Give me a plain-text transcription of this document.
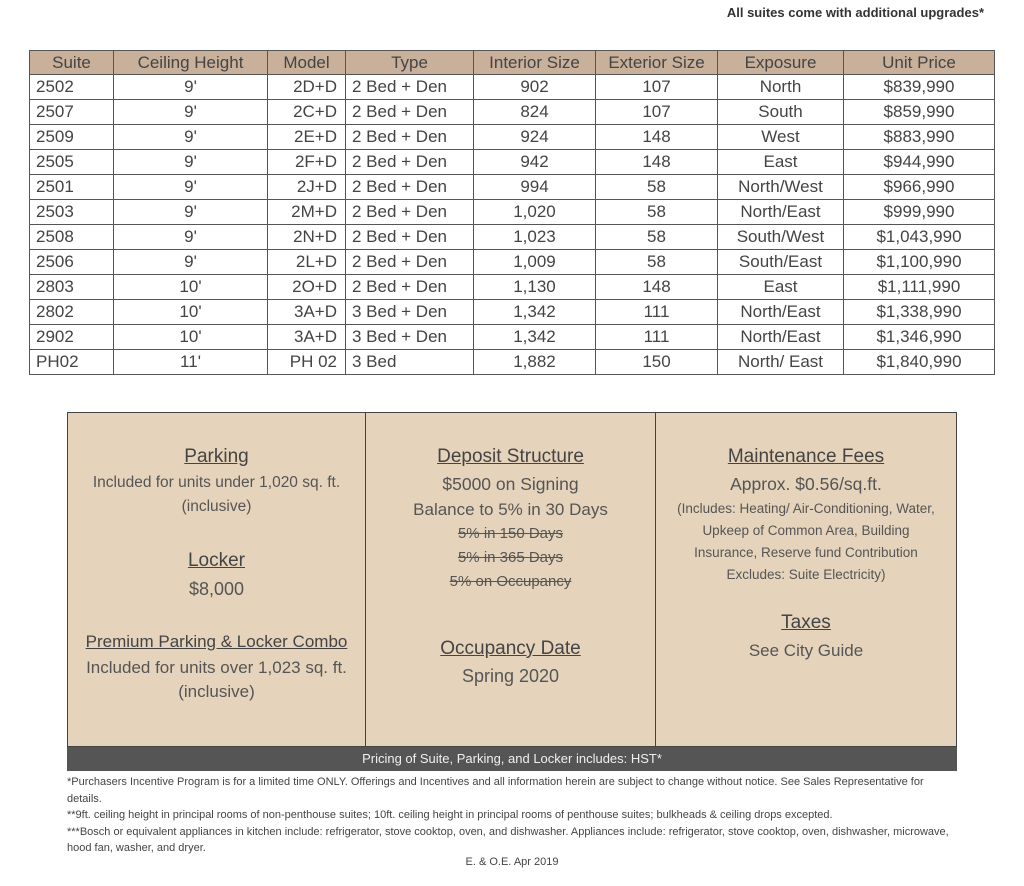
All suites come with additional upgrades*
Suite	Ceiling Height	Model	Type	Interior Size	Exterior Size	Exposure	Unit Price
2502	9'	2D+D	2 Bed + Den	902	107	North	$839,990
2507	9'	2C+D	2 Bed + Den	824	107	South	$859,990
2509	9'	2E+D	2 Bed + Den	924	148	West	$883,990
2505	9'	2F+D	2 Bed + Den	942	148	East	$944,990
2501	9'	2J+D	2 Bed + Den	994	58	North/West	$966,990
2503	9'	2M+D	2 Bed + Den	1,020	58	North/East	$999,990
2508	9'	2N+D	2 Bed + Den	1,023	58	South/West	$1,043,990
2506	9'	2L+D	2 Bed + Den	1,009	58	South/East	$1,100,990
2803	10'	2O+D	2 Bed + Den	1,130	148	East	$1,111,990
2802	10'	3A+D	3 Bed + Den	1,342	111	North/East	$1,338,990
2902	10'	3A+D	3 Bed + Den	1,342	111	North/East	$1,346,990
PH02	11'	PH 02	3 Bed	1,882	150	North/ East	$1,840,990
Parking
Included for units under 1,020 sq. ft.
(inclusive)
Locker
$8,000
Premium Parking & Locker Combo
Included for units over 1,023 sq. ft.
(inclusive)
Deposit Structure
$5000 on Signing
Balance to 5% in 30 Days
5% in 150 Days
5% in 365 Days
5% on Occupancy
Occupancy Date
Spring 2020
Maintenance Fees
Approx. $0.56/sq.ft.
(Includes: Heating/ Air-Conditioning, Water,
Upkeep of Common Area, Building
Insurance, Reserve fund Contribution
Excludes: Suite Electricity)
Taxes
See City Guide
Pricing of Suite, Parking, and Locker includes: HST*
*Purchasers Incentive Program is for a limited time ONLY. Offerings and Incentives and all information herein are subject to change without notice. See Sales Representative for details.
**9ft. ceiling height in principal rooms of non-penthouse suites; 10ft. ceiling height in principal rooms of penthouse suites; bulkheads & ceiling drops excepted.
***Bosch or equivalent appliances in kitchen include: refrigerator, stove cooktop, oven, and dishwasher. Appliances include: refrigerator, stove cooktop, oven, dishwasher, microwave, hood fan, washer, and dryer.
E. & O.E. Apr 2019
